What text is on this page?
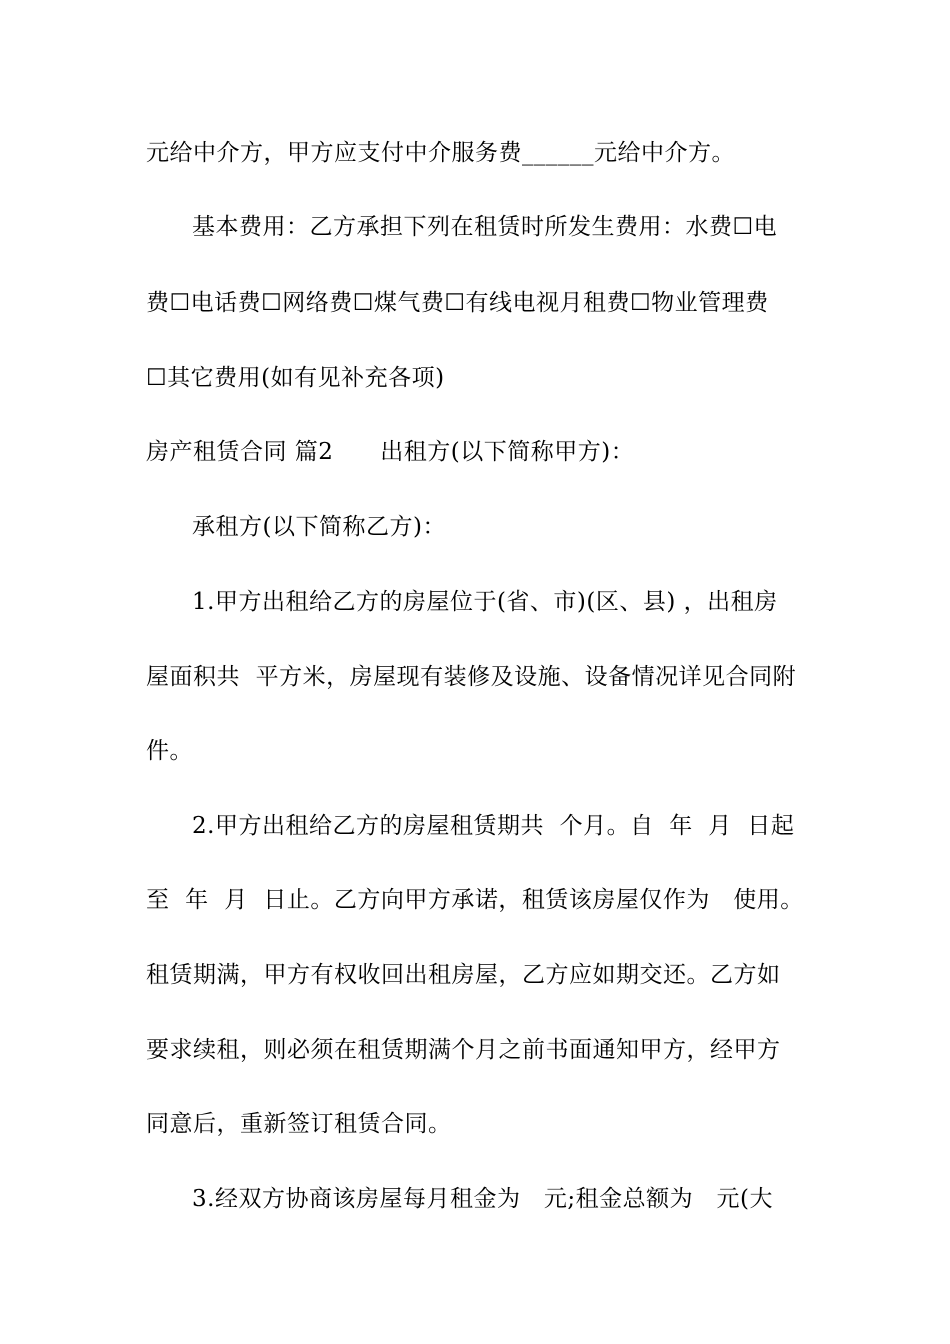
元给中介方，甲方应支付中介服务费______元给中介方。
基本费用：乙方承担下列在租赁时所发生费用：水费☐电
费☐电话费☐网络费☐煤气费☐有线电视月租费☐物业管理费
☐其它费用(如有见补充各项)
房产租赁合同 篇2      出租方(以下简称甲方)：
承租方(以下简称乙方)：
1.甲方出租给乙方的房屋位于(省、市)(区、县) ，出租房
屋面积共  平方米，房屋现有装修及设施、设备情况详见合同附
件。
2.甲方出租给乙方的房屋租赁期共  个月。自  年  月  日起
至  年  月  日止。乙方向甲方承诺，租赁该房屋仅作为   使用。
租赁期满，甲方有权收回出租房屋，乙方应如期交还。乙方如
要求续租，则必须在租赁期满个月之前书面通知甲方，经甲方
同意后，重新签订租赁合同。
3.经双方协商该房屋每月租金为   元;租金总额为   元(大
